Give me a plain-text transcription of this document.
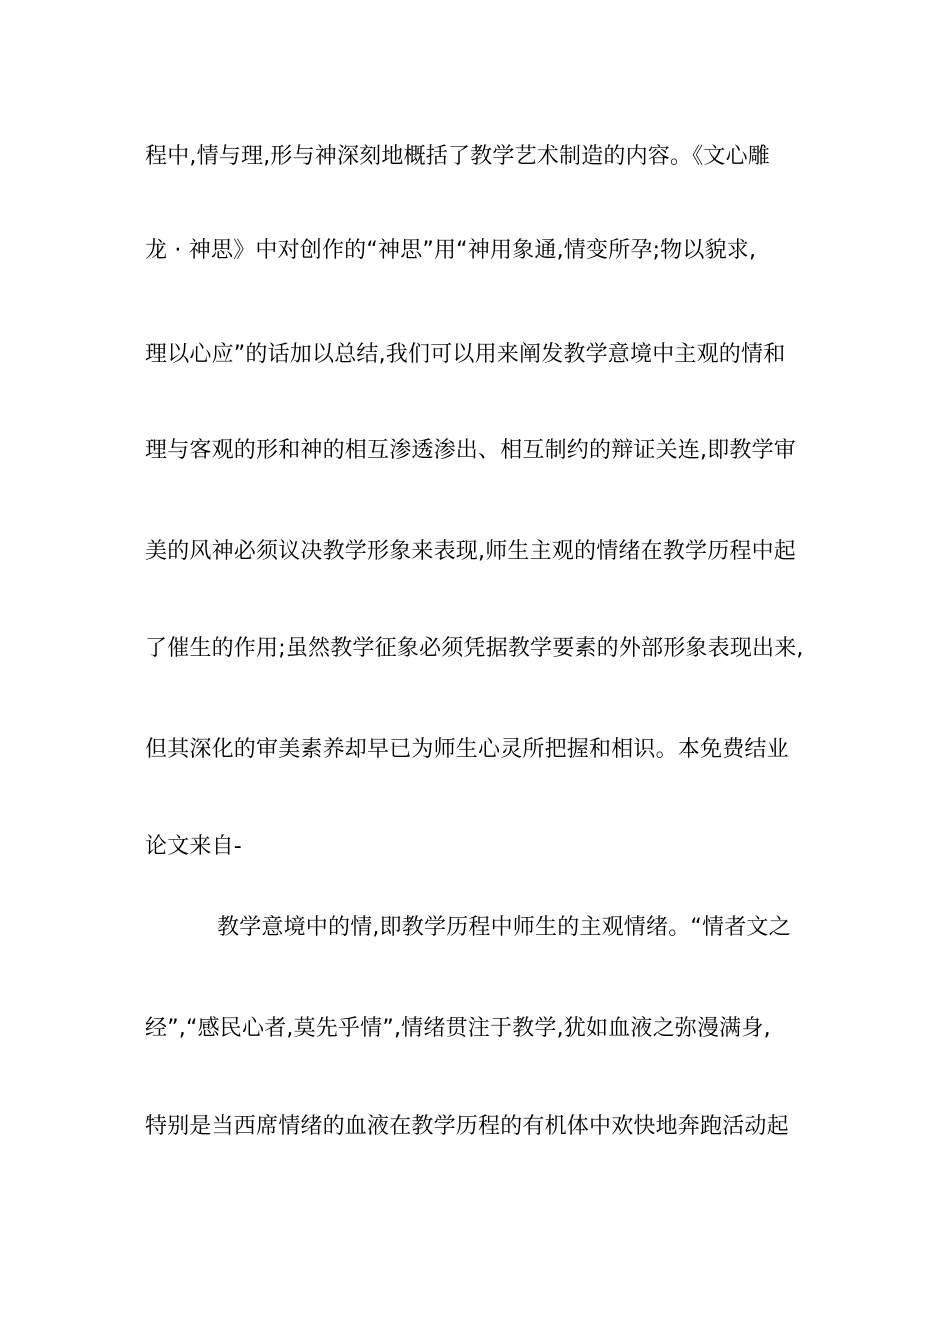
程中,情与理,形与神深刻地概括了教学艺术制造的内容。《文心雕
龙 · 神思》中对创作的“神思”用“神用象通,情变所孕;物以貌求,
理以心应”的话加以总结,我们可以用来阐发教学意境中主观的情和
理与客观的形和神的相互渗透渗出、相互制约的辩证关连,即教学审
美的风神必须议决教学形象来表现,师生主观的情绪在教学历程中起
了催生的作用;虽然教学征象必须凭据教学要素的外部形象表现出来,
但其深化的审美素养却早已为师生心灵所把握和相识。本免费结业
论文来自-
教学意境中的情,即教学历程中师生的主观情绪。“情者文之
经”,“感民心者,莫先乎情”,情绪贯注于教学,犹如血液之弥漫满身,
特别是当西席情绪的血液在教学历程的有机体中欢快地奔跑活动起
